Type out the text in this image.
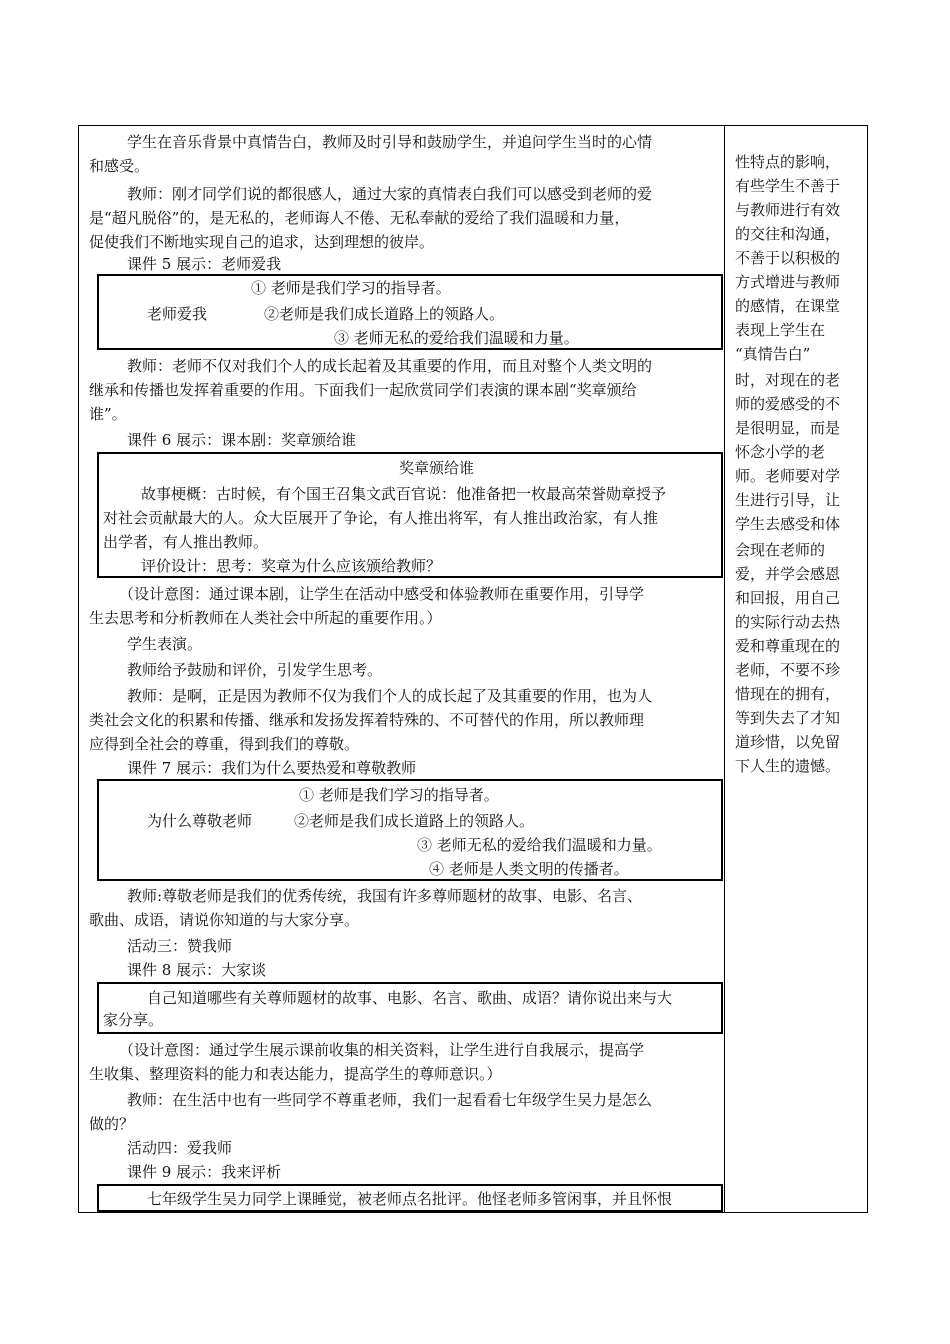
学生在音乐背景中真情告白，教师及时引导和鼓励学生，并追问学生当时的心情
和感受。
教师：刚才同学们说的都很感人，通过大家的真情表白我们可以感受到老师的爱
是“超凡脱俗”的，是无私的，老师诲人不倦、无私奉献的爱给了我们温暖和力量，
促使我们不断地实现自己的追求，达到理想的彼岸。
课件 5 展示：老师爱我
老师爱我
① 老师是我们学习的指导者。
②老师是我们成长道路上的领路人。
③ 老师无私的爱给我们温暖和力量。
教师：老师不仅对我们个人的成长起着及其重要的作用，而且对整个人类文明的
继承和传播也发挥着重要的作用。下面我们一起欣赏同学们表演的课本剧“奖章颁给
谁”。
课件 6 展示：课本剧：奖章颁给谁
奖章颁给谁
故事梗概：古时候，有个国王召集文武百官说：他准备把一枚最高荣誉勋章授予
对社会贡献最大的人。众大臣展开了争论，有人推出将军，有人推出政治家，有人推
出学者，有人推出教师。
评价设计：思考：奖章为什么应该颁给教师？
（设计意图：通过课本剧，让学生在活动中感受和体验教师在重要作用，引导学
生去思考和分析教师在人类社会中所起的重要作用。）
学生表演。
教师给予鼓励和评价，引发学生思考。
教师：是啊，正是因为教师不仅为我们个人的成长起了及其重要的作用，也为人
类社会文化的积累和传播、继承和发扬发挥着特殊的、不可替代的作用，所以教师理
应得到全社会的尊重，得到我们的尊敬。
课件 7 展示：我们为什么要热爱和尊敬教师
为什么尊敬老师
① 老师是我们学习的指导者。
②老师是我们成长道路上的领路人。
③ 老师无私的爱给我们温暖和力量。
④ 老师是人类文明的传播者。
教师:尊敬老师是我们的优秀传统，我国有许多尊师题材的故事、电影、名言、
歌曲、成语，请说你知道的与大家分享。
活动三：赞我师
课件 8 展示：大家谈
自己知道哪些有关尊师题材的故事、电影、名言、歌曲、成语？请你说出来与大
家分享。
（设计意图：通过学生展示课前收集的相关资料，让学生进行自我展示，提高学
生收集、整理资料的能力和表达能力，提高学生的尊师意识。）
教师：在生活中也有一些同学不尊重老师，我们一起看看七年级学生吴力是怎么
做的？
活动四：爱我师
课件 9 展示：我来评析
七年级学生吴力同学上课睡觉，被老师点名批评。他怪老师多管闲事，并且怀恨
性特点的影响，
有些学生不善于
与教师进行有效
的交往和沟通，
不善于以积极的
方式增进与教师
的感情，在课堂
表现上学生在
“真情告白”
时，对现在的老
师的爱感受的不
是很明显，而是
怀念小学的老
师。老师要对学
生进行引导，让
学生去感受和体
会现在老师的
爱，并学会感恩
和回报，用自己
的实际行动去热
爱和尊重现在的
老师，不要不珍
惜现在的拥有，
等到失去了才知
道珍惜，以免留
下人生的遗憾。
